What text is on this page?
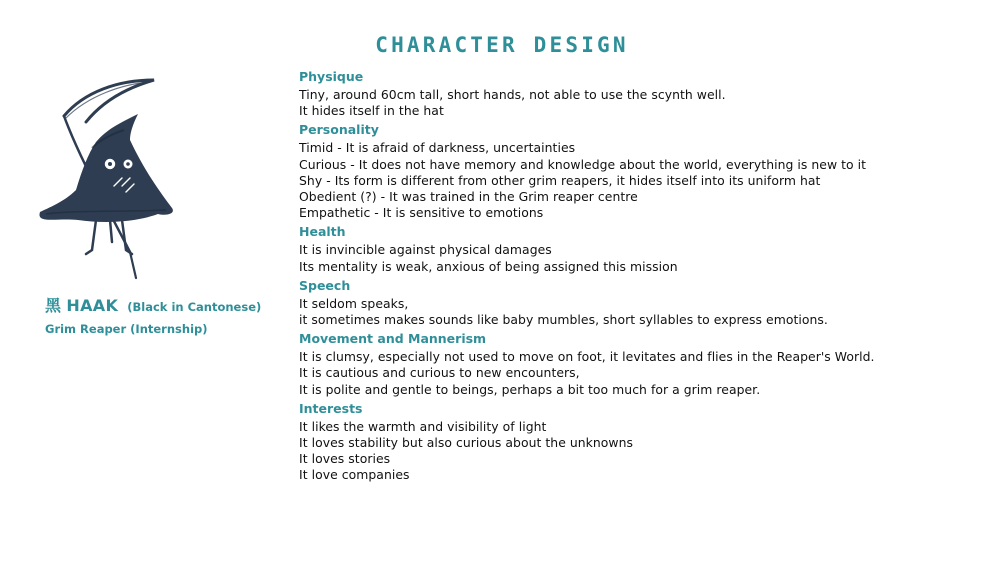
CHARACTER DESIGN
黑 HAAK (Black in Cantonese)
Grim Reaper (Internship)
Physique
Tiny, around 60cm tall, short hands, not able to use the scynth well.
It hides itself in the hat
Personality
Timid - It is afraid of darkness, uncertainties
Curious - It does not have memory and knowledge about the world, everything is new to it
Shy - Its form is different from other grim reapers, it hides itself into its uniform hat
Obedient (?) - It was trained in the Grim reaper centre
Empathetic - It is sensitive to emotions
Health
It is invincible against physical damages
Its mentality is weak, anxious of being assigned this mission
Speech
It seldom speaks,
it sometimes makes sounds like baby mumbles, short syllables to express emotions.
Movement and Mannerism
It is clumsy, especially not used to move on foot, it levitates and flies in the Reaper's World.
It is cautious and curious to new encounters,
It is polite and gentle to beings, perhaps a bit too much for a grim reaper.
Interests
It likes the warmth and visibility of light
It loves stability but also curious about the unknowns
It loves stories
It love companies
